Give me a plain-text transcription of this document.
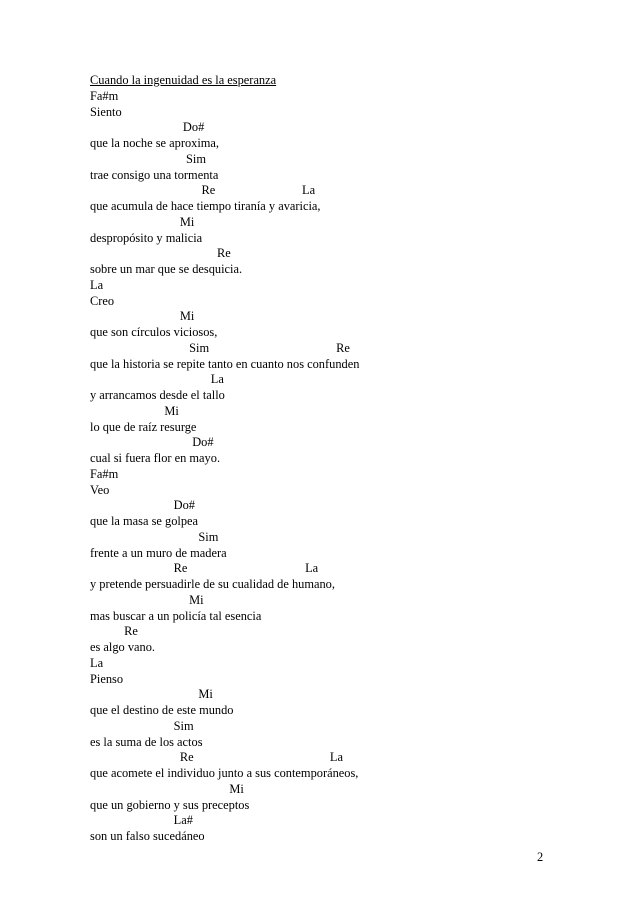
Cuando la ingenuidad es la esperanza
Fa#m
Siento
Do#
que la noche se aproxima,
Sim
trae consigo una tormenta
Re                            La
que acumula de hace tiempo tiranía y avaricia,
Mi
despropósito y malicia
Re
sobre un mar que se desquicia.
La
Creo
Mi
que son círculos viciosos,
Sim                                         Re
que la historia se repite tanto en cuanto nos confunden
La
y arrancamos desde el tallo
Mi
lo que de raíz resurge
Do#
cual si fuera flor en mayo.
Fa#m
Veo
Do#
que la masa se golpea
Sim
frente a un muro de madera
Re                                      La
y pretende persuadirle de su cualidad de humano,
Mi
mas buscar a un policía tal esencia
Re
es algo vano.
La
Pienso
Mi
que el destino de este mundo
Sim
es la suma de los actos
Re                                            La
que acomete el individuo junto a sus contemporáneos,
Mi
que un gobierno y sus preceptos
La#
son un falso sucedáneo
2
